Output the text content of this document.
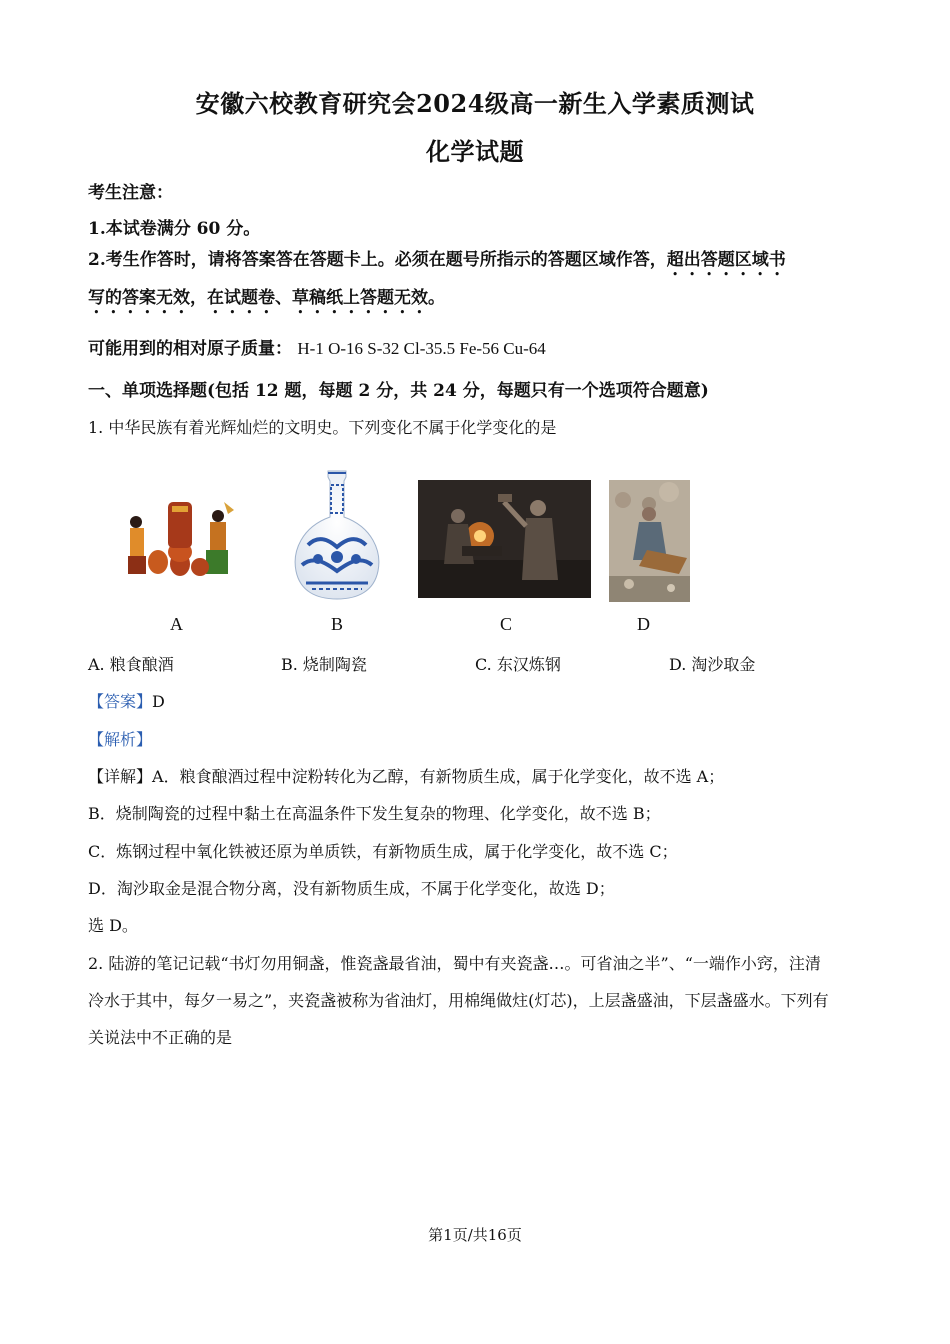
安徽六校教育研究会2024级高一新生入学素质测试
化学试题
考生注意：
1.本试卷满分 60 分。
2.考生作答时，请将答案答在答题卡上。必须在题号所指示的答题区域作答，超出答题区域书
写的答案无效，在试题卷、草稿纸上答题无效。
可能用到的相对原子质量： H-1 O-16 S-32 Cl-35.5 Fe-56 Cu-64
一、单项选择题(包括 12 题，每题 2 分，共 24 分，每题只有一个选项符合题意)
1. 中华民族有着光辉灿烂的文明史。下列变化不属于化学变化的是
A	B	C	D
A. 粮食酿酒	B. 烧制陶瓷	C. 东汉炼钢	D. 淘沙取金
【答案】D
【解析】
【详解】A．粮食酿酒过程中淀粉转化为乙醇，有新物质生成，属于化学变化，故不选 A；
B．烧制陶瓷的过程中黏土在高温条件下发生复杂的物理、化学变化，故不选 B；
C．炼钢过程中氧化铁被还原为单质铁，有新物质生成，属于化学变化，故不选 C；
D．淘沙取金是混合物分离，没有新物质生成，不属于化学变化，故选 D；
选 D。
2. 陆游的笔记记载“书灯勿用铜盏，惟瓷盏最省油，蜀中有夹瓷盏…。可省油之半”、“一端作小窍，注清
冷水于其中，每夕一易之”，夹瓷盏被称为省油灯，用棉绳做炷(灯芯)，上层盏盛油，下层盏盛水。下列有
关说法中不正确的是
第1页/共16页
